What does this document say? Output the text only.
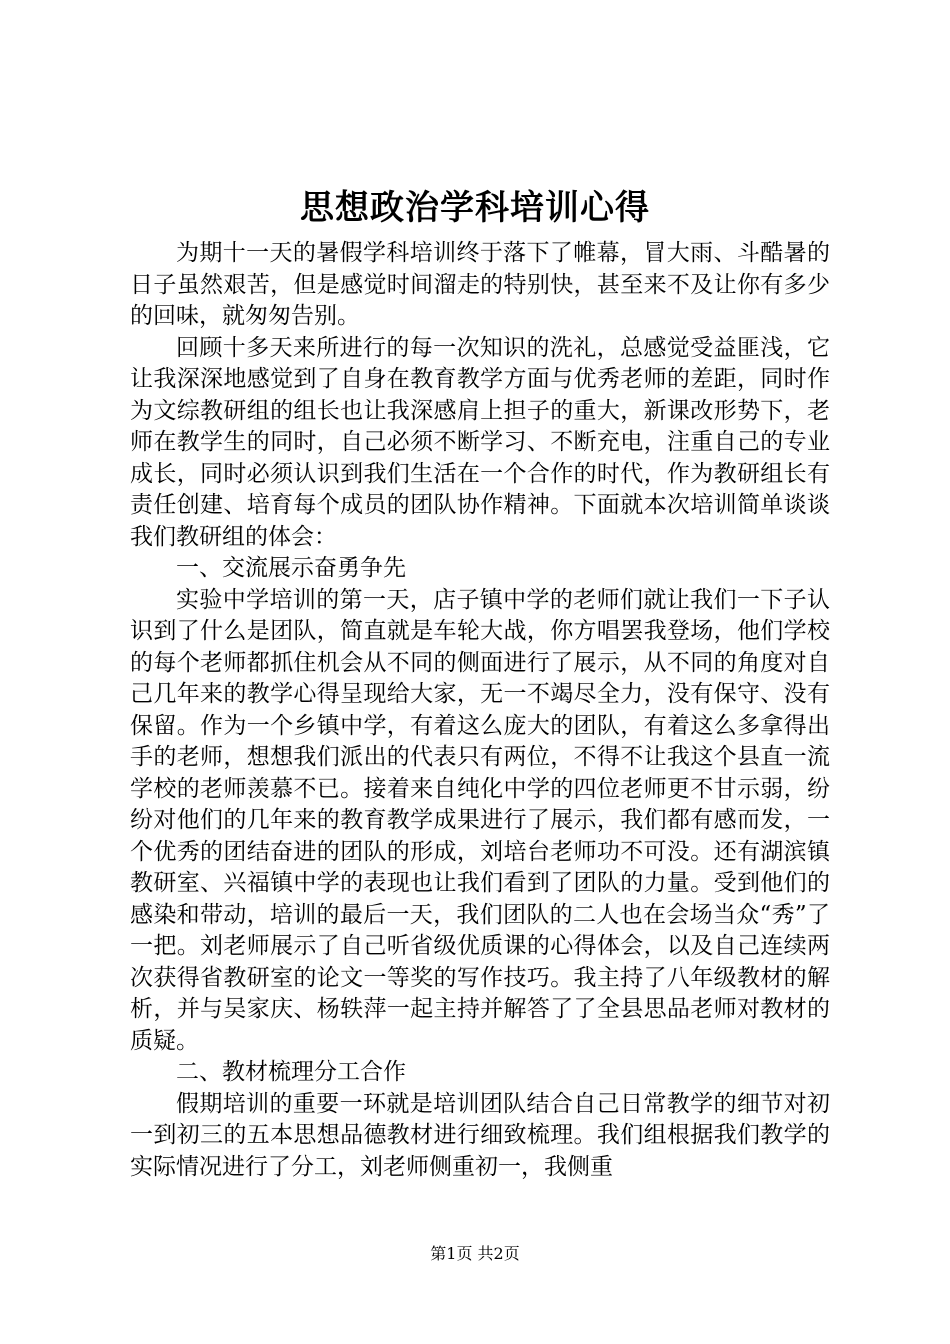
思想政治学科培训心得

为期十一天的暑假学科培训终于落下了帷幕，冒大雨、斗酷暑的日子虽然艰苦，但是感觉时间溜走的特别快，甚至来不及让你有多少的回味，就匆匆告别。

回顾十多天来所进行的每一次知识的洗礼，总感觉受益匪浅，它让我深深地感觉到了自身在教育教学方面与优秀老师的差距，同时作为文综教研组的组长也让我深感肩上担子的重大，新课改形势下，老师在教学生的同时，自己必须不断学习、不断充电，注重自己的专业成长，同时必须认识到我们生活在一个合作的时代，作为教研组长有责任创建、培育每个成员的团队协作精神。下面就本次培训简单谈谈我们教研组的体会：

一、交流展示奋勇争先

实验中学培训的第一天，店子镇中学的老师们就让我们一下子认识到了什么是团队，简直就是车轮大战，你方唱罢我登场，他们学校的每个老师都抓住机会从不同的侧面进行了展示，从不同的角度对自己几年来的教学心得呈现给大家，无一不竭尽全力，没有保守、没有保留。作为一个乡镇中学，有着这么庞大的团队，有着这么多拿得出手的老师，想想我们派出的代表只有两位，不得不让我这个县直一流学校的老师羡慕不已。接着来自纯化中学的四位老师更不甘示弱，纷纷对他们的几年来的教育教学成果进行了展示，我们都有感而发，一个优秀的团结奋进的团队的形成，刘培台老师功不可没。还有湖滨镇教研室、兴福镇中学的表现也让我们看到了团队的力量。受到他们的感染和带动，培训的最后一天，我们团队的二人也在会场当众“秀”了一把。刘老师展示了自己听省级优质课的心得体会，以及自己连续两次获得省教研室的论文一等奖的写作技巧。我主持了八年级教材的解析，并与吴家庆、杨轶萍一起主持并解答了了全县思品老师对教材的质疑。

二、教材梳理分工合作

假期培训的重要一环就是培训团队结合自己日常教学的细节对初一到初三的五本思想品德教材进行细致梳理。我们组根据我们教学的实际情况进行了分工，刘老师侧重初一，我侧重

第1页 共2页
